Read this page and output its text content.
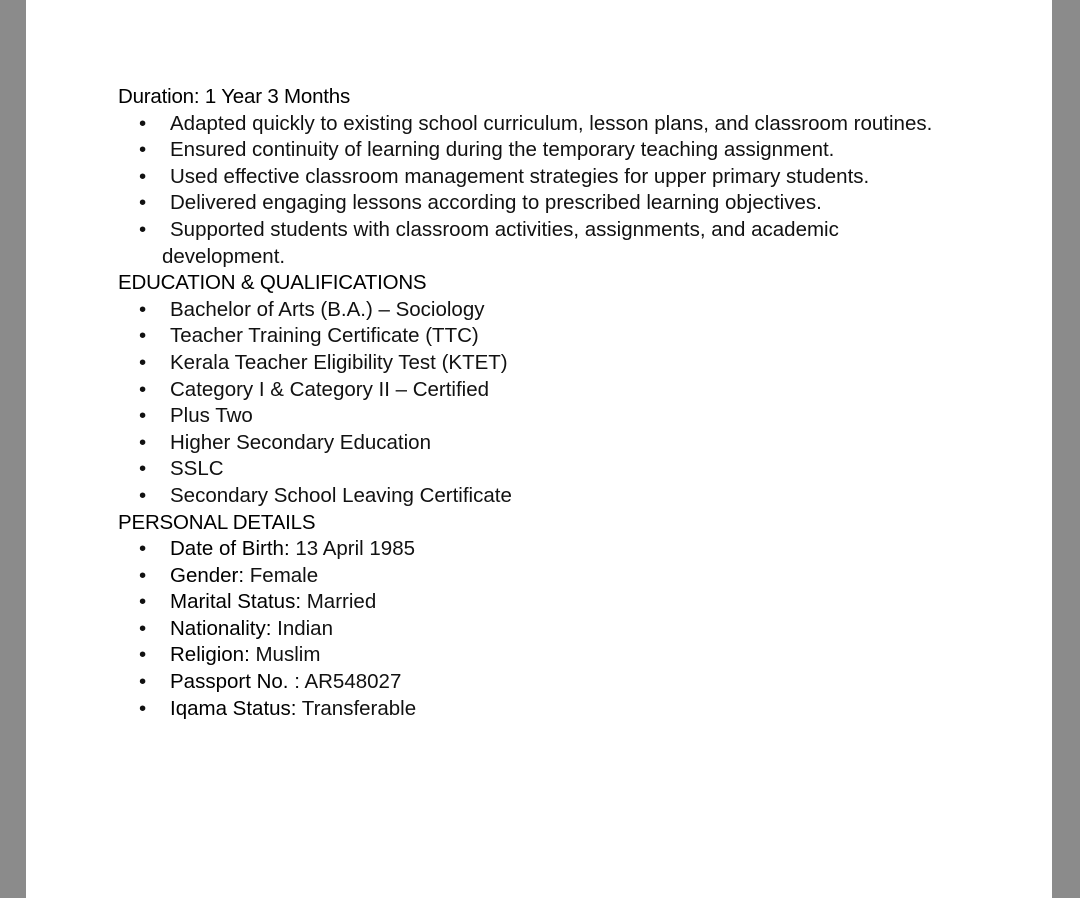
Duration: 1 Year 3 Months

• Adapted quickly to existing school curriculum, lesson plans, and classroom routines.
• Ensured continuity of learning during the temporary teaching assignment.
• Used effective classroom management strategies for upper primary students.
• Delivered engaging lessons according to prescribed learning objectives.
• Supported students with classroom activities, assignments, and academic development.

EDUCATION & QUALIFICATIONS

• Bachelor of Arts (B.A.) – Sociology
• Teacher Training Certificate (TTC)
• Kerala Teacher Eligibility Test (KTET)
• Category I & Category II – Certified
• Plus Two
• Higher Secondary Education
• SSLC
• Secondary School Leaving Certificate

PERSONAL DETAILS

• Date of Birth: 13 April 1985
• Gender: Female
• Marital Status: Married
• Nationality: Indian
• Religion: Muslim
• Passport No. : AR548027
• Iqama Status: Transferable
